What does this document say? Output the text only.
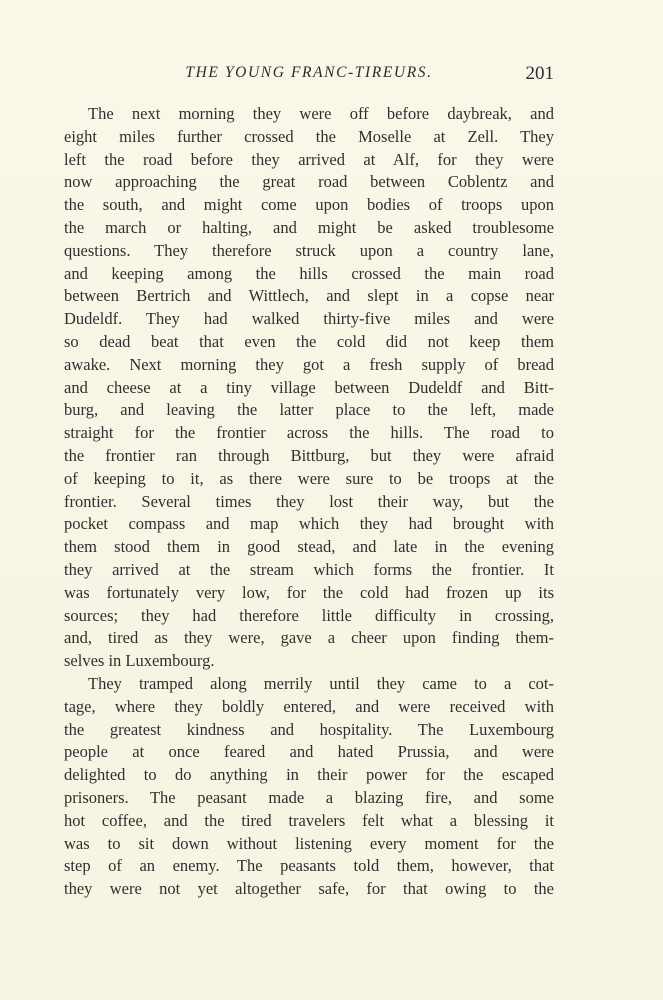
THE YOUNG FRANC-TIREURS.	201
The next morning they were off before daybreak, and
eight miles further crossed the Moselle at Zell. They
left the road before they arrived at Alf, for they were
now approaching the great road between Coblentz and
the south, and might come upon bodies of troops upon
the march or halting, and might be asked troublesome
questions. They therefore struck upon a country lane,
and keeping among the hills crossed the main road
between Bertrich and Wittlech, and slept in a copse near
Dudeldf. They had walked thirty-five miles and were
so dead beat that even the cold did not keep them
awake. Next morning they got a fresh supply of bread
and cheese at a tiny village between Dudeldf and Bitt-
burg, and leaving the latter place to the left, made
straight for the frontier across the hills. The road to
the frontier ran through Bittburg, but they were afraid
of keeping to it, as there were sure to be troops at the
frontier. Several times they lost their way, but the
pocket compass and map which they had brought with
them stood them in good stead, and late in the evening
they arrived at the stream which forms the frontier. It
was fortunately very low, for the cold had frozen up its
sources; they had therefore little difficulty in crossing,
and, tired as they were, gave a cheer upon finding them-
selves in Luxembourg.
They tramped along merrily until they came to a cot-
tage, where they boldly entered, and were received with
the greatest kindness and hospitality. The Luxembourg
people at once feared and hated Prussia, and were
delighted to do anything in their power for the escaped
prisoners. The peasant made a blazing fire, and some
hot coffee, and the tired travelers felt what a blessing it
was to sit down without listening every moment for the
step of an enemy. The peasants told them, however, that
they were not yet altogether safe, for that owing to the
